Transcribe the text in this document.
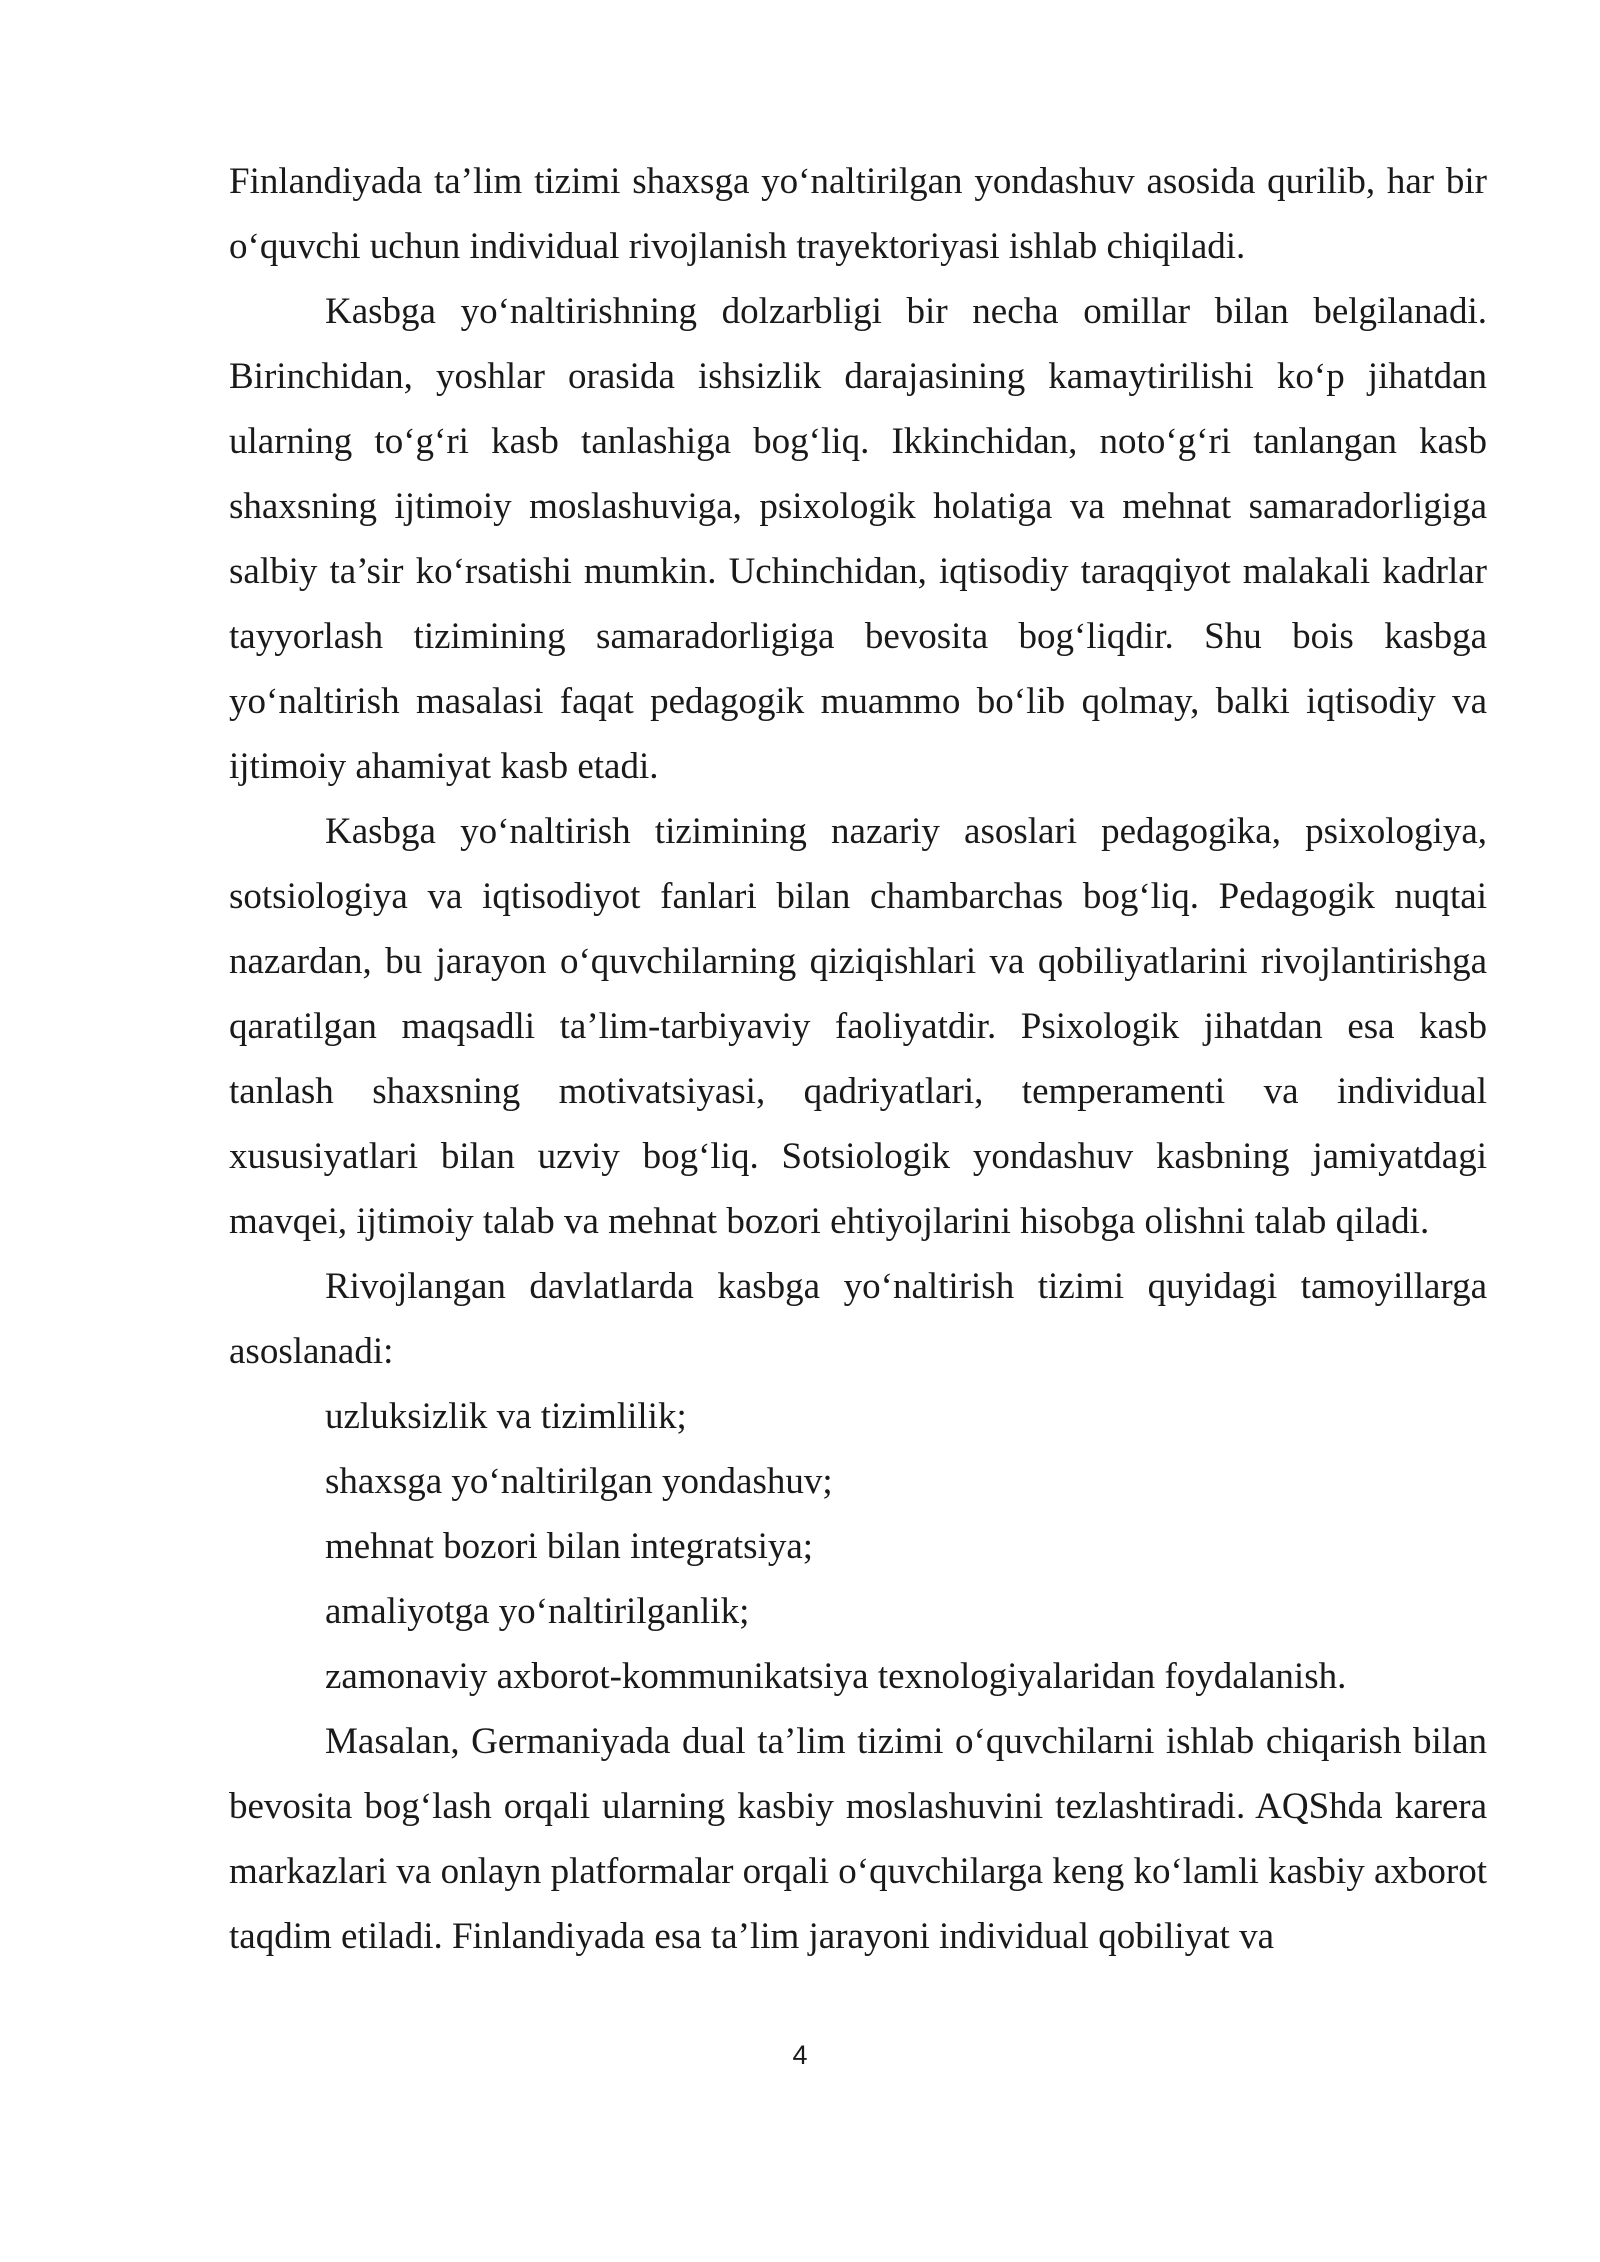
Finlandiyada ta’lim tizimi shaxsga yo‘naltirilgan yondashuv asosida qurilib, har bir o‘quvchi uchun individual rivojlanish trayektoriyasi ishlab chiqiladi.

Kasbga yo‘naltirishning dolzarbligi bir necha omillar bilan belgilanadi. Birinchidan, yoshlar orasida ishsizlik darajasining kamaytirilishi ko‘p jihatdan ularning to‘g‘ri kasb tanlashiga bog‘liq. Ikkinchidan, noto‘g‘ri tanlangan kasb shaxsning ijtimoiy moslashuviga, psixologik holatiga va mehnat samaradorligiga salbiy ta’sir ko‘rsatishi mumkin. Uchinchidan, iqtisodiy taraqqiyot malakali kadrlar tayyorlash tizimining samaradorligiga bevosita bog‘liqdir. Shu bois kasbga yo‘naltirish masalasi faqat pedagogik muammo bo‘lib qolmay, balki iqtisodiy va ijtimoiy ahamiyat kasb etadi.

Kasbga yo‘naltirish tizimining nazariy asoslari pedagogika, psixologiya, sotsiologiya va iqtisodiyot fanlari bilan chambarchas bog‘liq. Pedagogik nuqtai nazardan, bu jarayon o‘quvchilarning qiziqishlari va qobiliyatlarini rivojlantirishga qaratilgan maqsadli ta’lim-tarbiyaviy faoliyatdir. Psixologik jihatdan esa kasb tanlash shaxsning motivatsiyasi, qadriyatlari, temperamenti va individual xususiyatlari bilan uzviy bog‘liq. Sotsiologik yondashuv kasbning jamiyatdagi mavqei, ijtimoiy talab va mehnat bozori ehtiyojlarini hisobga olishni talab qiladi.

Rivojlangan davlatlarda kasbga yo‘naltirish tizimi quyidagi tamoyillarga asoslanadi:

uzluksizlik va tizimlilik;
shaxsga yo‘naltirilgan yondashuv;
mehnat bozori bilan integratsiya;
amaliyotga yo‘naltirilganlik;
zamonaviy axborot-kommunikatsiya texnologiyalaridan foydalanish.

Masalan, Germaniyada dual ta’lim tizimi o‘quvchilarni ishlab chiqarish bilan bevosita bog‘lash orqali ularning kasbiy moslashuvini tezlashtiradi. AQShda karera markazlari va onlayn platformalar orqali o‘quvchilarga keng ko‘lamli kasbiy axborot taqdim etiladi. Finlandiyada esa ta’lim jarayoni individual qobiliyat va

4
